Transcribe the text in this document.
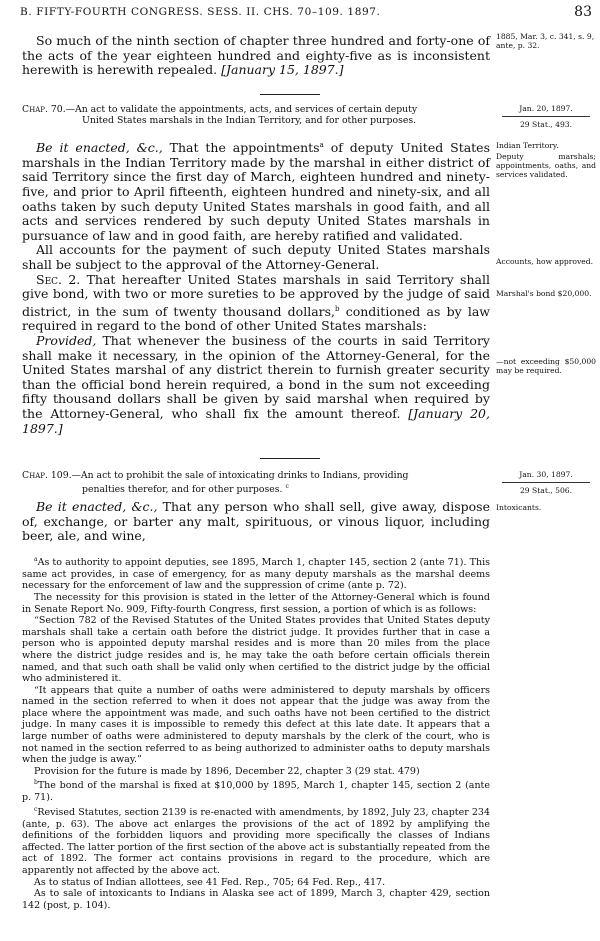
B. FIFTY-FOURTH CONGRESS. SESS. II. CHS. 70–109. 1897.	83

So much of the ninth section of chapter three hundred and forty-one of the acts of the year eighteen hundred and eighty-five as is inconsistent herewith is herewith repealed. [January 15, 1897.]

1885, Mar. 3, c. 341, s. 9, ante, p. 32.
Chap. 70.—An act to validate the appointments, acts, and services of certain deputy
United States marshals in the Indian Territory, and for other purposes.
Jan. 20, 1897.
29 Stat., 493.

Be it enacted, &c., That the appointments$^a$ of deputy United States marshals in the Indian Territory made by the marshal in either district of said Territory since the first day of March, eighteen hundred and ninety-five, and prior to April fifteenth, eighteen hundred and ninety-six, and all oaths taken by such deputy United States marshals in good faith, and all acts and services rendered by such deputy United States marshals in pursuance of law and in good faith, are hereby ratified and validated.

All accounts for the payment of such deputy United States marshals shall be subject to the approval of the Attorney-General.

Sec. 2. That hereafter United States marshals in said Territory shall give bond, with two or more sureties to be approved by the judge of said district, in the sum of twenty thousand dollars,$^b$ conditioned as by law required in regard to the bond of other United States marshals:

Provided, That whenever the business of the courts in said Territory shall make it necessary, in the opinion of the Attorney-General, for the United States marshal of any district therein to furnish greater security than the official bond herein required, a bond in the sum not exceeding fifty thousand dollars shall be given by said marshal when required by the Attorney-General, who shall fix the amount thereof. [January 20, 1897.]

Indian Territory.
Deputy marshals; appointments, oaths, and services validated.
Accounts, how approved.
Marshal's bond $20,000.
—not exceeding $50,000 may be required.
Chap. 109.—An act to prohibit the sale of intoxicating drinks to Indians, providing
penalties therefor, and for other purposes. $^c$
Jan. 30, 1897.
29 Stat., 506.

Be it enacted, &c., That any person who shall sell, give away, dispose of, exchange, or barter any malt, spirituous, or vinous liquor, including beer, ale, and wine,

Intoxicants.

$^a$As to authority to appoint deputies, see 1895, March 1, chapter 145, section 2 (ante 71). This same act provides, in case of emergency, for as many deputy marshals as the marshal deems necessary for the enforcement of law and the suppression of crime (ante p. 72).

The necessity for this provision is stated in the letter of the Attorney-General which is found in Senate Report No. 909, Fifty-fourth Congress, first session, a portion of which is as follows:

“Section 782 of the Revised Statutes of the United States provides that United States deputy marshals shall take a certain oath before the district judge. It provides further that in case a person who is appointed deputy marshal resides and is more than 20 miles from the place where the district judge resides and is, he may take the oath before certain officials therein named, and that such oath shall be valid only when certified to the district judge by the official who administered it.

“It appears that quite a number of oaths were administered to deputy marshals by officers named in the section referred to when it does not appear that the judge was away from the place where the appointment was made, and such oaths have not been certified to the district judge. In many cases it is impossible to remedy this defect at this late date. It appears that a large number of oaths were administered to deputy marshals by the clerk of the court, who is not named in the section referred to as being authorized to administer oaths to deputy marshals when the judge is away.”

Provision for the future is made by 1896, December 22, chapter 3 (29 stat. 479)

$^b$The bond of the marshal is fixed at $10,000 by 1895, March 1, chapter 145, section 2 (ante p. 71).

$^c$Revised Statutes, section 2139 is re-enacted with amendments, by 1892, July 23, chapter 234 (ante, p. 63). The above act enlarges the provisions of the act of 1892 by amplifying the definitions of the forbidden liquors and providing more specifically the classes of Indians affected. The latter portion of the first section of the above act is substantially repeated from the act of 1892. The former act contains provisions in regard to the procedure, which are apparently not affected by the above act.

As to status of Indian allottees, see 41 Fed. Rep., 705; 64 Fed. Rep., 417.

As to sale of intoxicants to Indians in Alaska see act of 1899, March 3, chapter 429, section 142 (post, p. 104).
